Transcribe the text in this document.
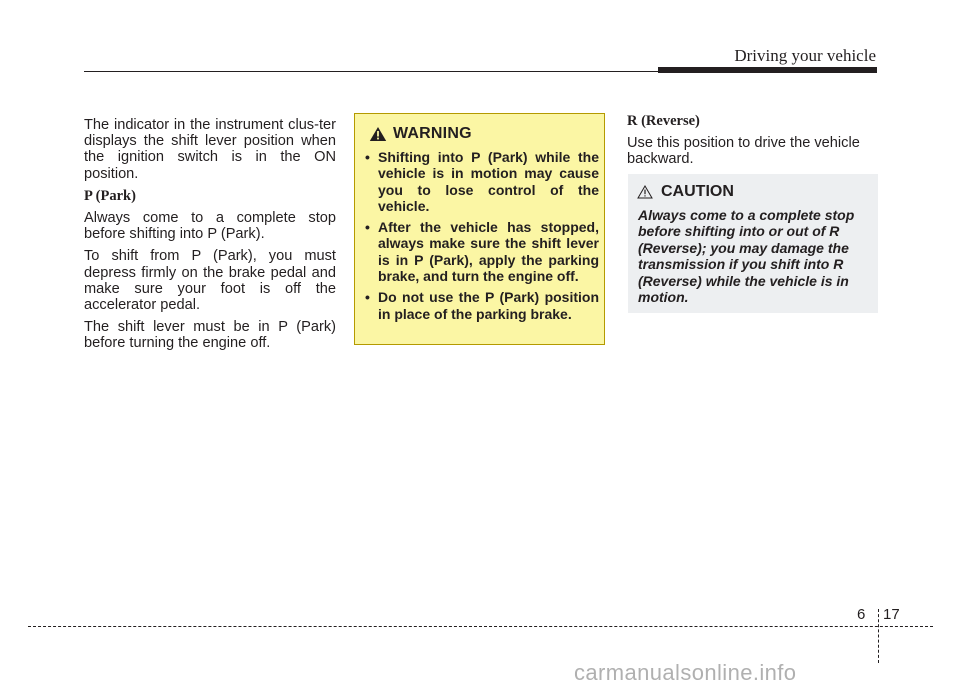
Driving your vehicle

The indicator in the instrument clus-ter displays the shift lever position when the ignition switch is in the ON position.

P (Park)

Always come to a complete stop before shifting into P (Park).

To shift from P (Park), you must depress firmly on the brake pedal and make sure your foot is off the accelerator pedal.

The shift lever must be in P (Park) before turning the engine off.

WARNING
• Shifting into P (Park) while the vehicle is in motion may cause you to lose control of the vehicle.
• After the vehicle has stopped, always make sure the shift lever is in P (Park), apply the parking brake, and turn the engine off.
• Do not use the P (Park) position in place of the parking brake.

R (Reverse)

Use this position to drive the vehicle backward.

CAUTION

Always come to a complete stop before shifting into or out of R (Reverse); you may damage the transmission if you shift into R (Reverse) while the vehicle is in motion.

6 17
carmanualsonline.info
